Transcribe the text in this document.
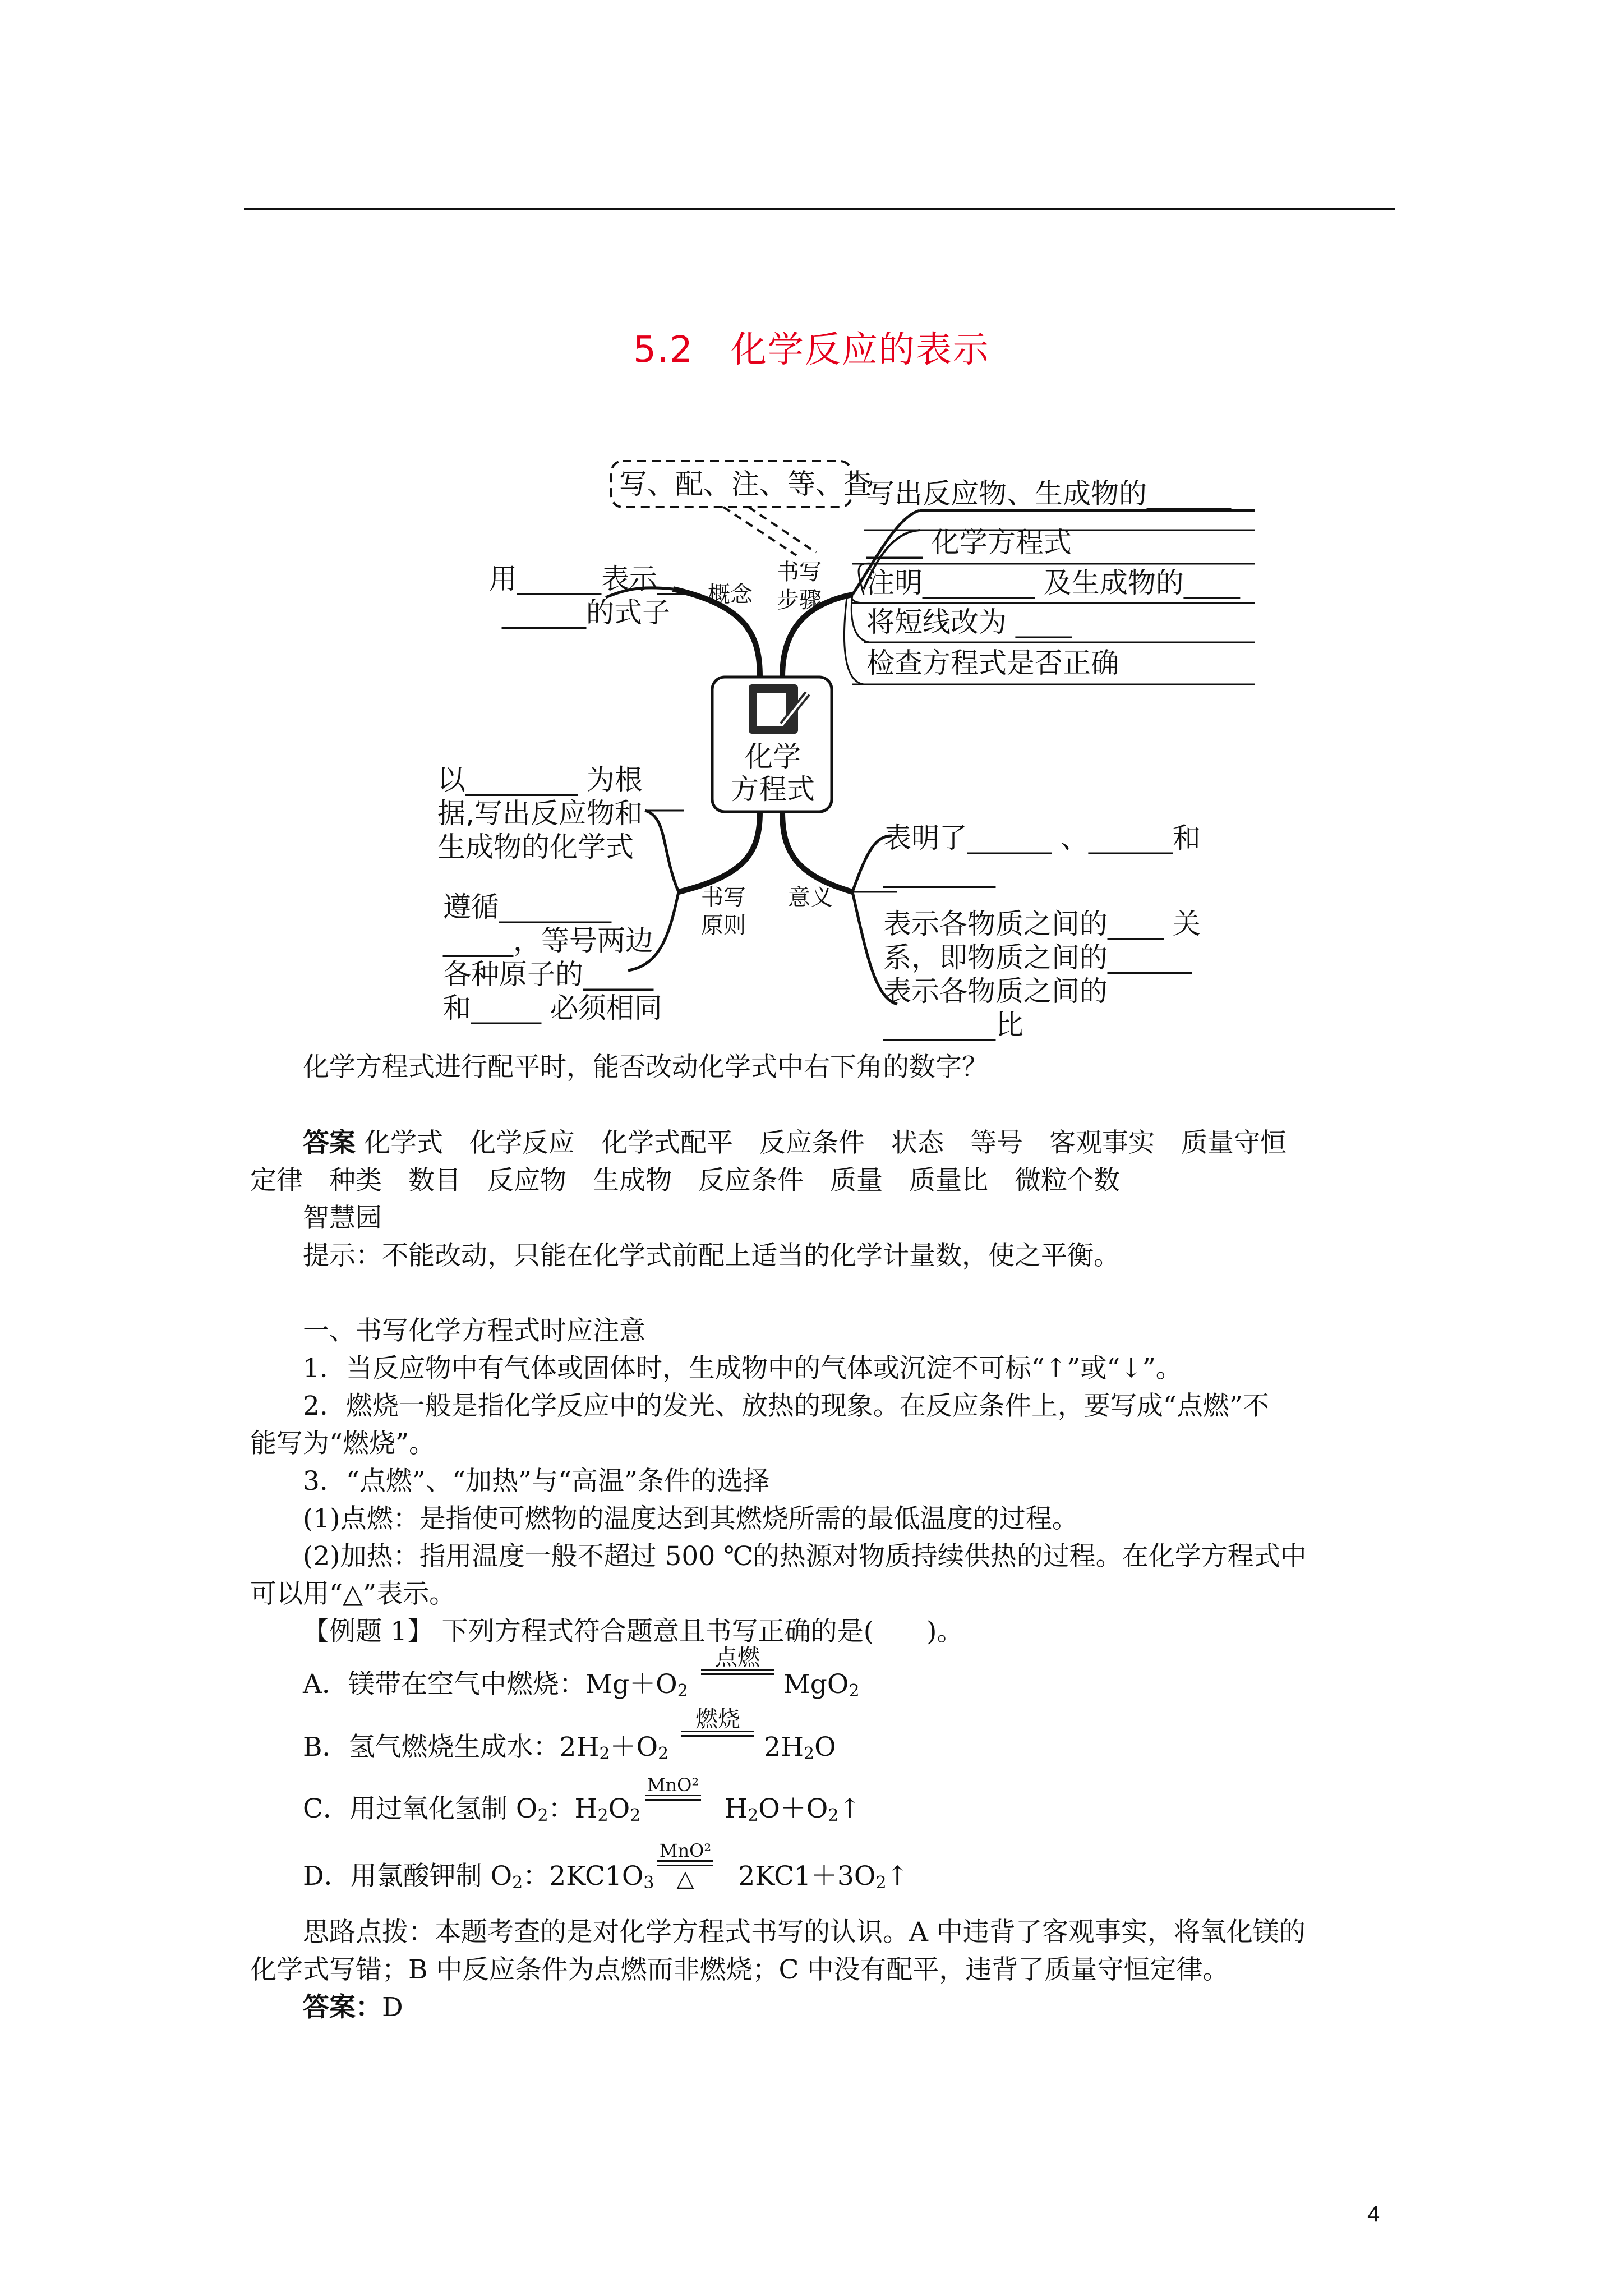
5.2　化学反应的表示
写、配、注、等、查
化学
方程式
概念
书写
步骤
书写
原则
意义
用______表示__
______的式子
写出反应物、生成物的______
____ 化学方程式
注明________ 及生成物的____
将短线改为 ____
检查方程式是否正确
以________ 为根
据,写出反应物和
生成物的化学式
遵循________
_____，等号两边
各种原子的_____
和_____ 必须相同
表明了______ 、______和
________
表示各物质之间的____ 关
系，即物质之间的______
表示各物质之间的
________比
化学方程式进行配平时，能否改动化学式中右下角的数字？
答案 化学式　化学反应　化学式配平　反应条件　状态　等号　客观事实　质量守恒
定律　种类　数目　反应物　生成物　反应条件　质量　质量比　微粒个数
智慧园
提示：不能改动，只能在化学式前配上适当的化学计量数，使之平衡。
一、书写化学方程式时应注意
1．当反应物中有气体或固体时，生成物中的气体或沉淀不可标“↑”或“↓”。
2．燃烧一般是指化学反应中的发光、放热的现象。在反应条件上，要写成“点燃”不
能写为“燃烧”。
3．“点燃”、“加热”与“高温”条件的选择
(1)点燃：是指使可燃物的温度达到其燃烧所需的最低温度的过程。
(2)加热：指用温度一般不超过 500 ℃的热源对物质持续供热的过程。在化学方程式中
可以用“△”表示。
【例题 1】 下列方程式符合题意且书写正确的是(　　)。
A．镁带在空气中燃烧：$Mg+O_2$	MgO$_2$
点燃
B．氢气燃烧生成水：$2H_2+O_2$	$2H_2O$
燃烧
C．用过氧化氢制 $O_2$：$H_2O_2$	$H_2O+O_2↑$
MnO²
D．用氯酸钾制 $O_2$：$2KC1O_3$	$2KC1+3O_2↑$
MnO²
△
思路点拨：本题考查的是对化学方程式书写的认识。A 中违背了客观事实，将氧化镁的
化学式写错；B 中反应条件为点燃而非燃烧；C 中没有配平，违背了质量守恒定律。
答案：D
4
